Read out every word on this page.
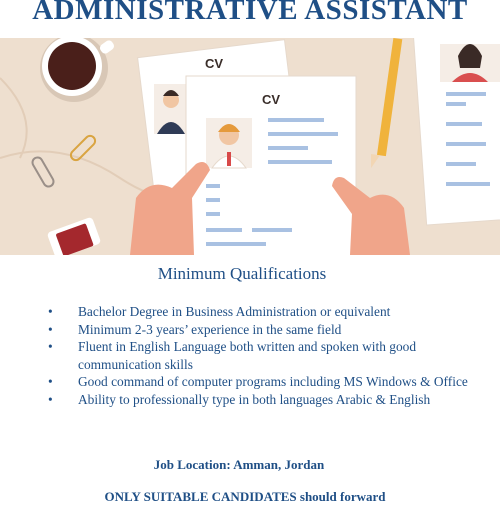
ADMINISTRATIVE ASSISTANT
CV
CV
Minimum Qualifications
• Bachelor Degree in Business Administration or equivalent
• Minimum 2-3 years’ experience in the same field
• Fluent in English Language both written and spoken with good communication skills
• Good command of computer programs including MS Windows & Office
• Ability to professionally type in both languages Arabic & English
Job Location: Amman, Jordan
ONLY SUITABLE CANDIDATES should forward
